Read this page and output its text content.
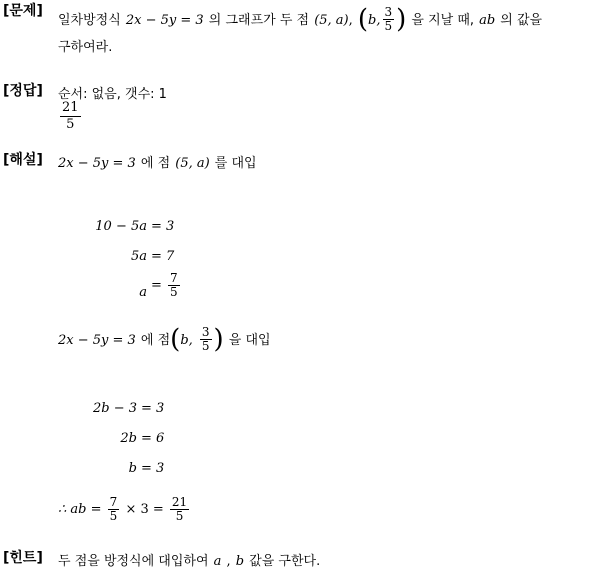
[문제]
일차방정식 2x − 5y = 3 의 그래프가 두 점 (5, a), (b, $\frac{3}{5}$ ) 을 지날 때, ab 의 값을
구하여라.
[정답] 순서: 없음, 갯수: 1
$\frac{21}{5}$
[해설] 2x − 5y = 3 에 점 (5, a) 를 대입
10 − 5a = 3
5a = 7
$a = \frac{7}{5}$
2x − 5y = 3 에 점(b, $\frac{3}{5}$ ) 을 대입
2b − 3 = 3
2b = 6
b = 3
∴ ab = $\frac{7}{5} \times 3 = \frac{21}{5}$
[힌트] 두 점을 방정식에 대입하여 a , b 값을 구한다.
